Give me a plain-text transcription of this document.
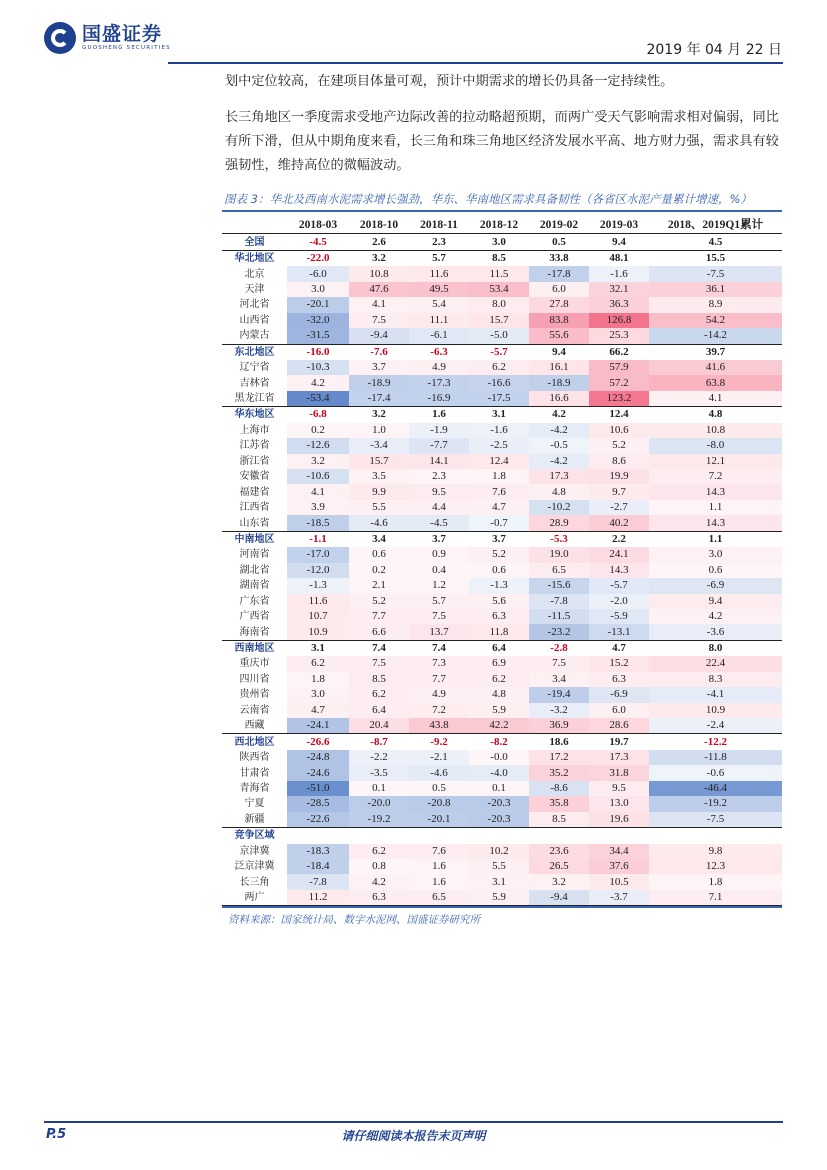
国盛证券
GUOSHENG SECURITIES	2019 年 04 月 22 日
划中定位较高，在建项目体量可观，预计中期需求的增长仍具备一定持续性。
长三角地区一季度需求受地产边际改善的拉动略超预期，而两广受天气影响需求相对偏弱，同比有所下滑，但从中期角度来看，长三角和珠三角地区经济发展水平高、地方财力强，需求具有较强韧性，维持高位的微幅波动。
图表 3：华北及西南水泥需求增长强劲，华东、华南地区需求具备韧性（各省区水泥产量累计增速，%）
	2018-03	2018-10	2018-11	2018-12	2019-02	2019-03	2018、2019Q1累计
全国	-4.5	2.6	2.3	3.0	0.5	9.4	4.5
华北地区	-22.0	3.2	5.7	8.5	33.8	48.1	15.5
北京	-6.0	10.8	11.6	11.5	-17.8	-1.6	-7.5
天津	3.0	47.6	49.5	53.4	6.0	32.1	36.1
河北省	-20.1	4.1	5.4	8.0	27.8	36.3	8.9
山西省	-32.0	7.5	11.1	15.7	83.8	126.8	54.2
内蒙古	-31.5	-9.4	-6.1	-5.0	55.6	25.3	-14.2
东北地区	-16.0	-7.6	-6.3	-5.7	9.4	66.2	39.7
辽宁省	-10.3	3.7	4.9	6.2	16.1	57.9	41.6
吉林省	4.2	-18.9	-17.3	-16.6	-18.9	57.2	63.8
黑龙江省	-53.4	-17.4	-16.9	-17.5	16.6	123.2	4.1
华东地区	-6.8	3.2	1.6	3.1	4.2	12.4	4.8
上海市	0.2	1.0	-1.9	-1.6	-4.2	10.6	10.8
江苏省	-12.6	-3.4	-7.7	-2.5	-0.5	5.2	-8.0
浙江省	3.2	15.7	14.1	12.4	-4.2	8.6	12.1
安徽省	-10.6	3.5	2.3	1.8	17.3	19.9	7.2
福建省	4.1	9.9	9.5	7.6	4.8	9.7	14.3
江西省	3.9	5.5	4.4	4.7	-10.2	-2.7	1.1
山东省	-18.5	-4.6	-4.5	-0.7	28.9	40.2	14.3
中南地区	-1.1	3.4	3.7	3.7	-5.3	2.2	1.1
河南省	-17.0	0.6	0.9	5.2	19.0	24.1	3.0
湖北省	-12.0	0.2	0.4	0.6	6.5	14.3	0.6
湖南省	-1.3	2.1	1.2	-1.3	-15.6	-5.7	-6.9
广东省	11.6	5.2	5.7	5.6	-7.8	-2.0	9.4
广西省	10.7	7.7	7.5	6.3	-11.5	-5.9	4.2
海南省	10.9	6.6	13.7	11.8	-23.2	-13.1	-3.6
西南地区	3.1	7.4	7.4	6.4	-2.8	4.7	8.0
重庆市	6.2	7.5	7.3	6.9	7.5	15.2	22.4
四川省	1.8	8.5	7.7	6.2	3.4	6.3	8.3
贵州省	3.0	6.2	4.9	4.8	-19.4	-6.9	-4.1
云南省	4.7	6.4	7.2	5.9	-3.2	6.0	10.9
西藏	-24.1	20.4	43.8	42.2	36.9	28.6	-2.4
西北地区	-26.6	-8.7	-9.2	-8.2	18.6	19.7	-12.2
陕西省	-24.8	-2.2	-2.1	-0.0	17.2	17.3	-11.8
甘肃省	-24.6	-3.5	-4.6	-4.0	35.2	31.8	-0.6
青海省	-51.0	0.1	0.5	0.1	-8.6	9.5	-46.4
宁夏	-28.5	-20.0	-20.8	-20.3	35.8	13.0	-19.2
新疆	-22.6	-19.2	-20.1	-20.3	8.5	19.6	-7.5
竞争区域							
京津冀	-18.3	6.2	7.6	10.2	23.6	34.4	9.8
泛京津冀	-18.4	0.8	1.6	5.5	26.5	37.6	12.3
长三角	-7.8	4.2	1.6	3.1	3.2	10.5	1.8
两广	11.2	6.3	6.5	5.9	-9.4	-3.7	7.1
资料来源：国家统计局、数字水泥网、国盛证券研究所
P.5	请仔细阅读本报告末页声明
